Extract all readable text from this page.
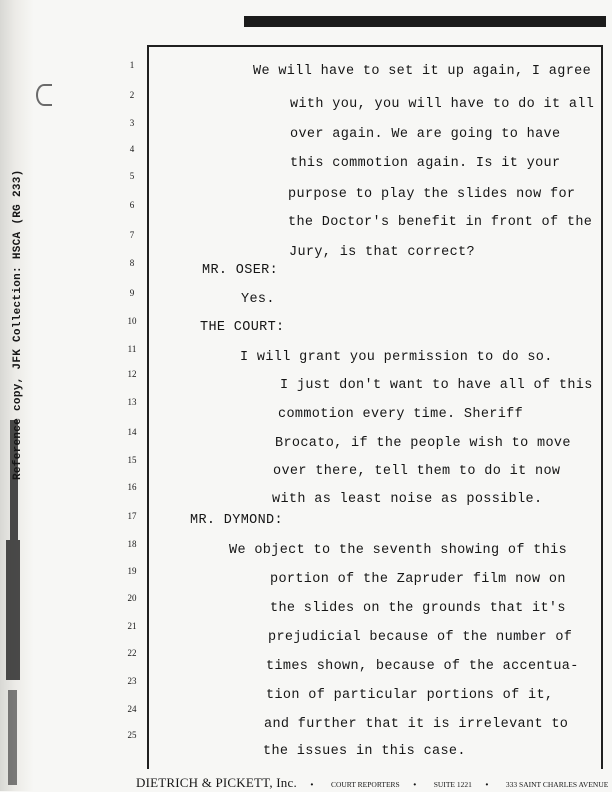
Reference copy, JFK Collection: HSCA (RG 233)
1	We will have to set it up again, I agree
2
with you, you will have to do it all
3
over again. We are going to have
4
this commotion again. Is it your
5
purpose to play the slides now for
6
the Doctor's benefit in front of the
7
Jury, is that correct?
8	MR. OSER:
9	Yes.
10	THE COURT:
11
I will grant you permission to do so.
12
I just don't want to have all of this
13
commotion every time. Sheriff
14
Brocato, if the people wish to move
15
over there, tell them to do it now
16
with as least noise as possible.
17	MR. DYMOND:
18	We object to the seventh showing of this
19
portion of the Zapruder film now on
20
the slides on the grounds that it's
21
prejudicial because of the number of
22
times shown, because of the accentua-
23
tion of particular portions of it,
24
and further that it is irrelevant to
25
the issues in this case.
DIETRICH & PICKETT, Inc. • COURT REPORTERS • SUITE 1221 • 333 SAINT CHARLES AVENUE
